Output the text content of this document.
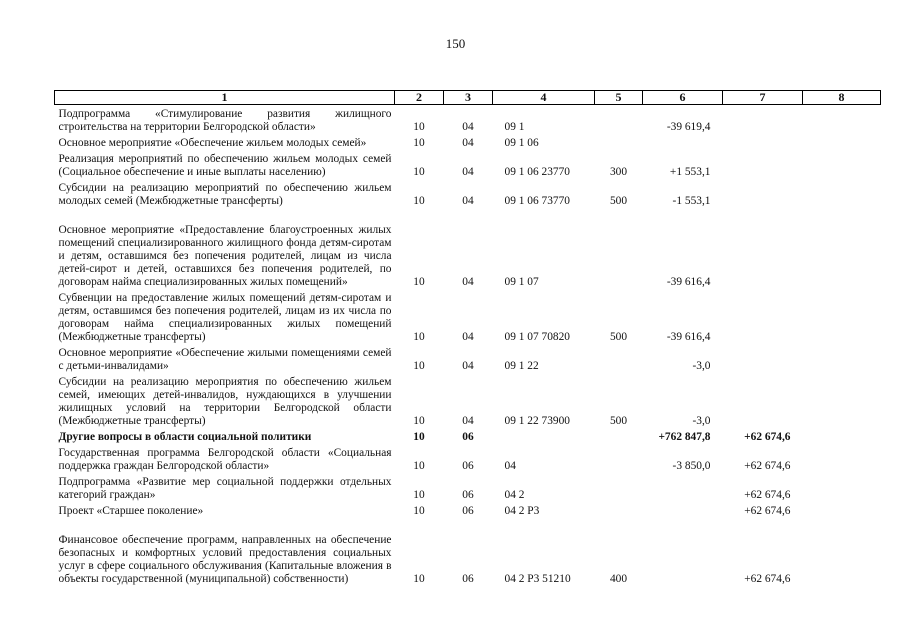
150
1	2	3	4	5	6	7	8
Подпрограмма «Стимулирование развития жилищного строительства на территории Белгородской области»	10	04	09 1		-39 619,4		
Основное мероприятие «Обеспечение жильем молодых семей»	10	04	09 1 06				
Реализация мероприятий по обеспечению жильем молодых семей (Социальное обеспечение и иные выплаты населению)	10	04	09 1 06 23770	300	+1 553,1		
Субсидии на реализацию мероприятий по обеспечению жильем молодых семей (Межбюджетные трансферты)	10	04	09 1 06 73770	500	-1 553,1		
Основное мероприятие «Предоставление благоустроенных жилых помещений специализированного жилищного фонда детям-сиротам и детям, оставшимся без попечения родителей, лицам из числа детей-сирот и детей, оставшихся без попечения родителей, по договорам найма специализированных жилых помещений»	10	04	09 1 07		-39 616,4		
Субвенции на предоставление жилых помещений детям-сиротам и детям, оставшимся без попечения родителей, лицам из их числа по договорам найма специализированных жилых помещений (Межбюджетные трансферты)	10	04	09 1 07 70820	500	-39 616,4		
Основное мероприятие «Обеспечение жилыми помещениями семей с детьми-инвалидами»	10	04	09 1 22		-3,0		
Субсидии на реализацию мероприятия по обеспечению жильем семей, имеющих детей-инвалидов, нуждающихся в улучшении жилищных условий на территории Белгородской области (Межбюджетные трансферты)	10	04	09 1 22 73900	500	-3,0		
Другие вопросы в области социальной политики	10	06			+762 847,8	+62 674,6	
Государственная программа Белгородской области «Социальная поддержка граждан Белгородской области»	10	06	04		-3 850,0	+62 674,6	
Подпрограмма «Развитие мер социальной поддержки отдельных категорий граждан»	10	06	04 2			+62 674,6	
Проект «Старшее поколение»	10	06	04 2 P3			+62 674,6	
Финансовое обеспечение программ, направленных на обеспечение безопасных и комфортных условий предоставления социальных услуг в сфере социального обслуживания (Капитальные вложения в объекты государственной (муниципальной) собственности)	10	06	04 2 P3 51210	400		+62 674,6	
